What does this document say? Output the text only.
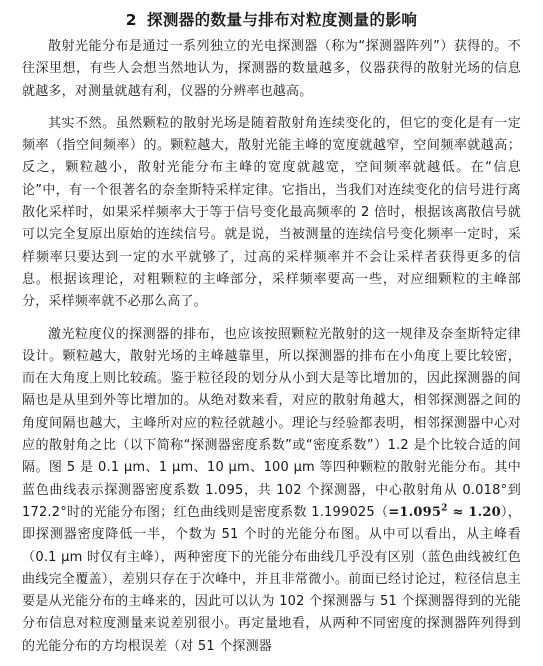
2 探测器的数量与排布对粒度测量的影响

散射光能分布是通过一系列独立的光电探测器（称为“探测器阵列”）获得的。不往深里想，有些人会想当然地认为，探测器的数量越多，仪器获得的散射光场的信息就越多，对测量就越有利，仪器的分辨率也越高。

其实不然。虽然颗粒的散射光场是随着散射角连续变化的，但它的变化是有一定频率（指空间频率）的。颗粒越大，散射光能主峰的宽度就越窄，空间频率就越高；反之，颗粒越小，散射光能分布主峰的宽度就越宽，空间频率就越低。在“信息论”中，有一个很著名的奈奎斯特采样定律。它指出，当我们对连续变化的信号进行离散化采样时，如果采样频率大于等于信号变化最高频率的 2 倍时，根据该离散信号就可以完全复原出原始的连续信号。就是说，当被测量的连续信号变化频率一定时，采样频率只要达到一定的水平就够了，过高的采样频率并不会让采样者获得更多的信息。根据该理论，对粗颗粒的主峰部分，采样频率要高一些，对应细颗粒的主峰部分，采样频率就不必那么高了。

激光粒度仪的探测器的排布，也应该按照颗粒光散射的这一规律及奈奎斯特定律设计。颗粒越大，散射光场的主峰越靠里，所以探测器的排布在小角度上要比较密，而在大角度上则比较疏。鉴于粒径段的划分从小到大是等比增加的，因此探测器的间隔也是从里到外等比增加的。从绝对数来看，对应的散射角越大，相邻探测器之间的角度间隔也越大，主峰所对应的粒径就越小。理论与经验都表明，相邻探测器中心对应的散射角之比（以下简称“探测器密度系数”或“密度系数”）1.2 是个比较合适的间隔。图 5 是 0.1 μm、1 μm、10 μm、100 μm 等四种颗粒的散射光能分布。其中蓝色曲线表示探测器密度系数 1.095，共 102 个探测器，中心散射角从 0.018°到 172.2°时的光能分布图；红色曲线则是密度系数 $1.199025(=1.095^2 \approx 1.20)$，即探测器密度降低一半，个数为 51 个时的光能分布图。从中可以看出，从主峰看（0.1 μm 时仅有主峰），两种密度下的光能分布曲线几乎没有区别（蓝色曲线被红色曲线完全覆盖），差别只存在于次峰中，并且非常微小。前面已经讨论过，粒径信息主要是从光能分布的主峰来的，因此可以认为 102 个探测器与 51 个探测器得到的光能分布信息对粒度测量来说差别很小。再定量地看，从两种不同密度的探测器阵列得到的光能分布的方均根误差（对 51 个探测器
